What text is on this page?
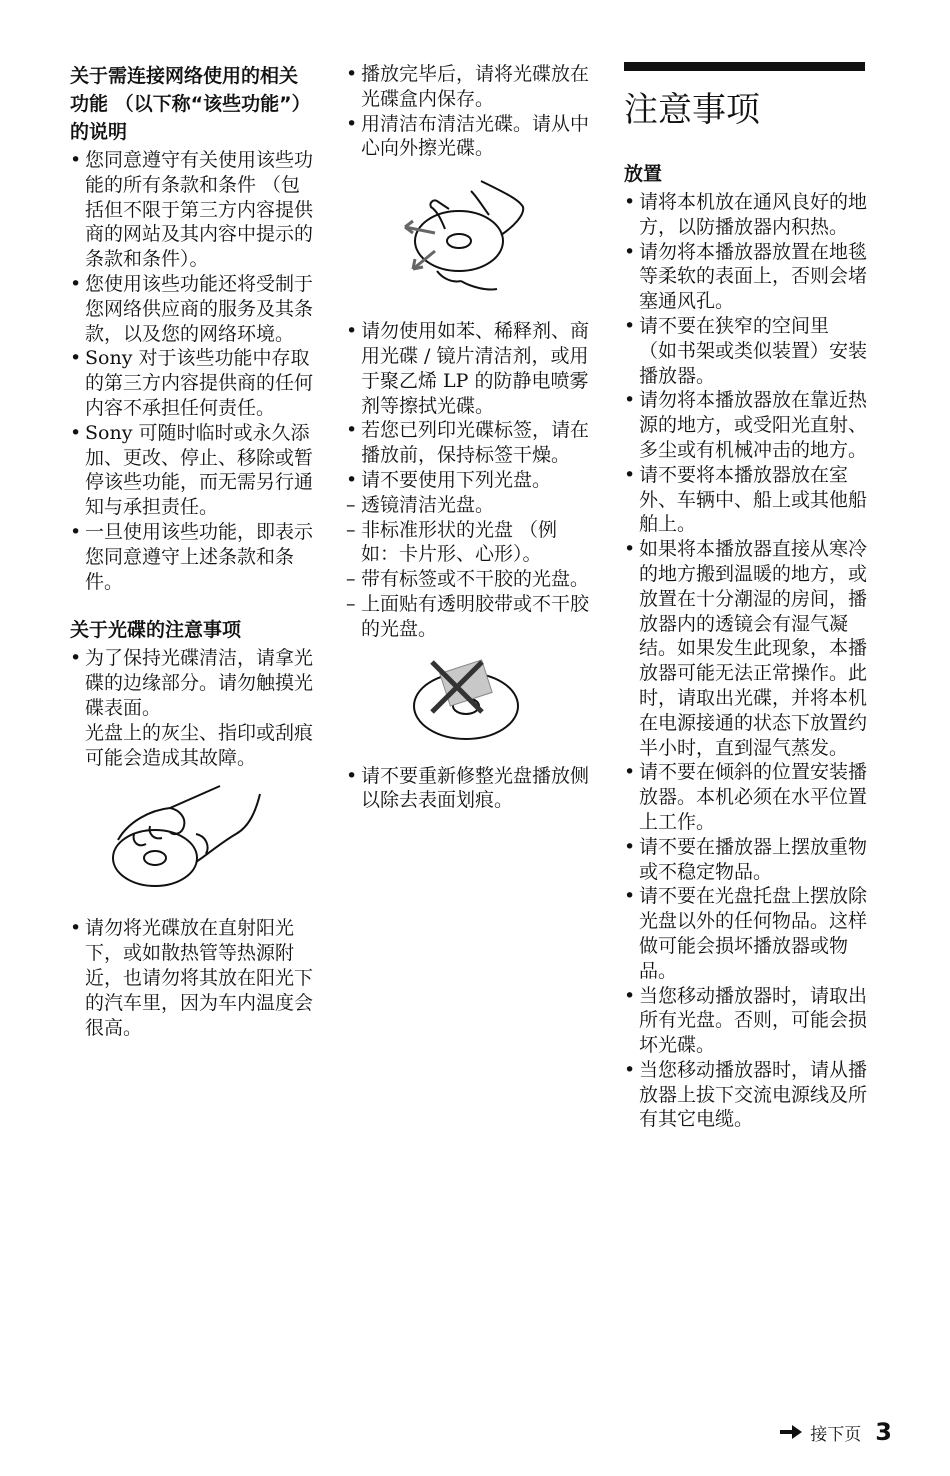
关于需连接网络使用的相关功能 （以下称“该些功能”）的说明
• 您同意遵守有关使用该些功能的所有条款和条件 （包括但不限于第三方内容提供商的网站及其内容中提示的条款和条件）。
• 您使用该些功能还将受制于您网络供应商的服务及其条款，以及您的网络环境。
• Sony 对于该些功能中存取的第三方内容提供商的任何内容不承担任何责任。
• Sony 可随时临时或永久添加、更改、停止、移除或暂停该些功能，而无需另行通知与承担责任。
• 一旦使用该些功能，即表示您同意遵守上述条款和条件。
关于光碟的注意事项
• 为了保持光碟清洁，请拿光碟的边缘部分。请勿触摸光碟表面。
光盘上的灰尘、指印或刮痕可能会造成其故障。
• 请勿将光碟放在直射阳光下，或如散热管等热源附近，也请勿将其放在阳光下的汽车里，因为车内温度会很高。
• 播放完毕后，请将光碟放在光碟盒内保存。
• 用清洁布清洁光碟。请从中心向外擦光碟。
• 请勿使用如苯、稀释剂、商用光碟 / 镜片清洁剂，或用于聚乙烯 LP 的防静电喷雾剂等擦拭光碟。
• 若您已列印光碟标签，请在播放前，保持标签干燥。
• 请不要使用下列光盘。
– 透镜清洁光盘。
– 非标准形状的光盘 （例如：卡片形、心形）。
– 带有标签或不干胶的光盘。
– 上面贴有透明胶带或不干胶的光盘。
• 请不要重新修整光盘播放侧以除去表面划痕。
注意事项
放置
• 请将本机放在通风良好的地方，以防播放器内积热。
• 请勿将本播放器放置在地毯等柔软的表面上，否则会堵塞通风孔。
• 请不要在狭窄的空间里 （如书架或类似装置）安装播放器。
• 请勿将本播放器放在靠近热源的地方，或受阳光直射、多尘或有机械冲击的地方。
• 请不要将本播放器放在室外、车辆中、船上或其他船舶上。
• 如果将本播放器直接从寒冷的地方搬到温暖的地方，或放置在十分潮湿的房间，播放器内的透镜会有湿气凝结。如果发生此现象，本播放器可能无法正常操作。此时，请取出光碟，并将本机在电源接通的状态下放置约半小时，直到湿气蒸发。
• 请不要在倾斜的位置安装播放器。本机必须在水平位置上工作。
• 请不要在播放器上摆放重物或不稳定物品。
• 请不要在光盘托盘上摆放除光盘以外的任何物品。这样做可能会损坏播放器或物品。
• 当您移动播放器时，请取出所有光盘。否则，可能会损坏光碟。
• 当您移动播放器时，请从播放器上拔下交流电源线及所有其它电缆。
接下页 3
